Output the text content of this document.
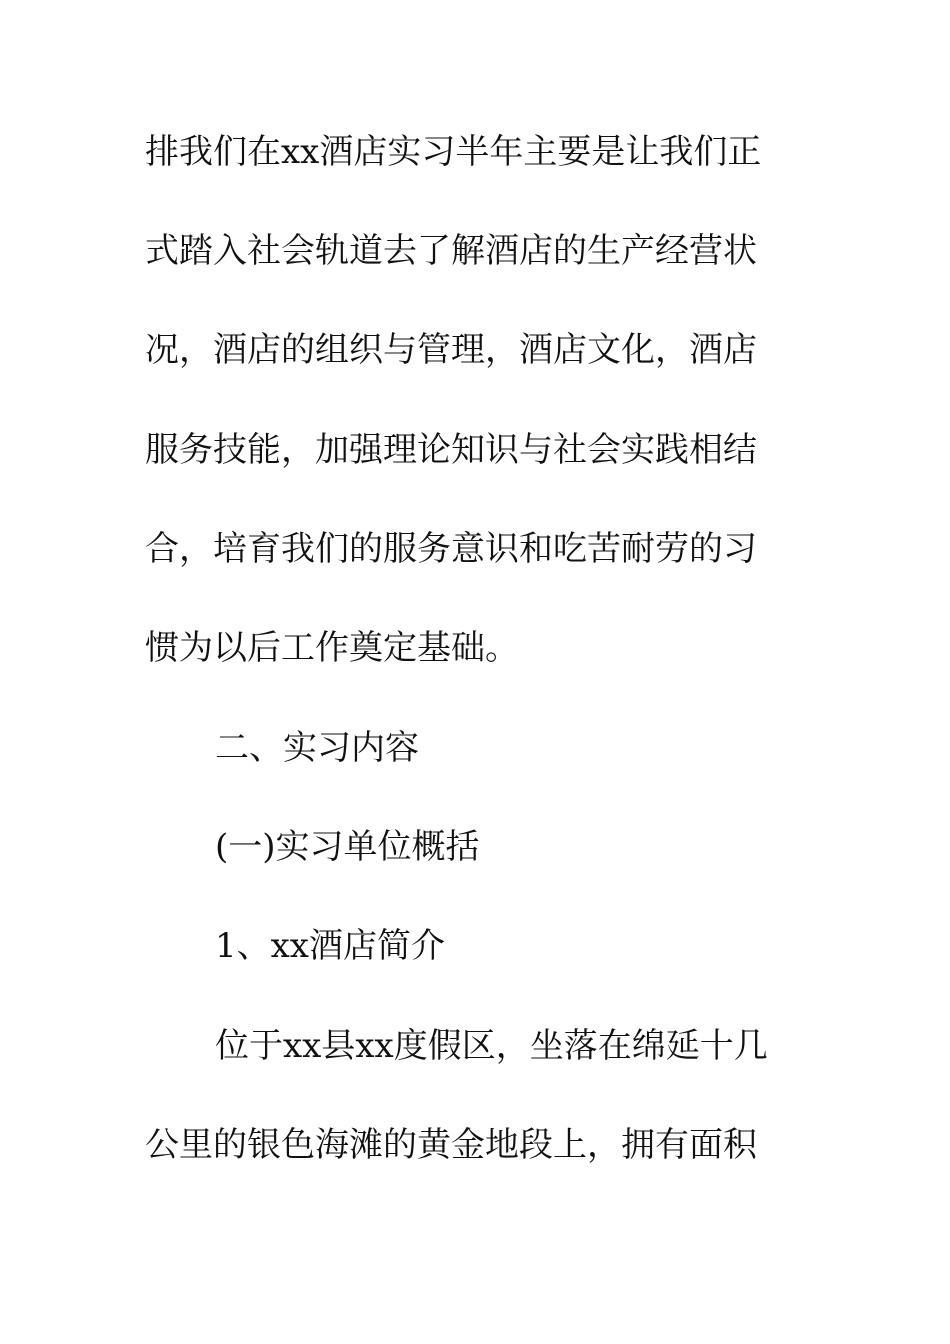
排我们在xx酒店实习半年主要是让我们正
式踏入社会轨道去了解酒店的生产经营状
况，酒店的组织与管理，酒店文化，酒店
服务技能，加强理论知识与社会实践相结
合，培育我们的服务意识和吃苦耐劳的习
惯为以后工作奠定基础。
二、实习内容
(一)实习单位概括
1、xx酒店简介
位于xx县xx度假区，坐落在绵延十几
公里的银色海滩的黄金地段上，拥有面积
